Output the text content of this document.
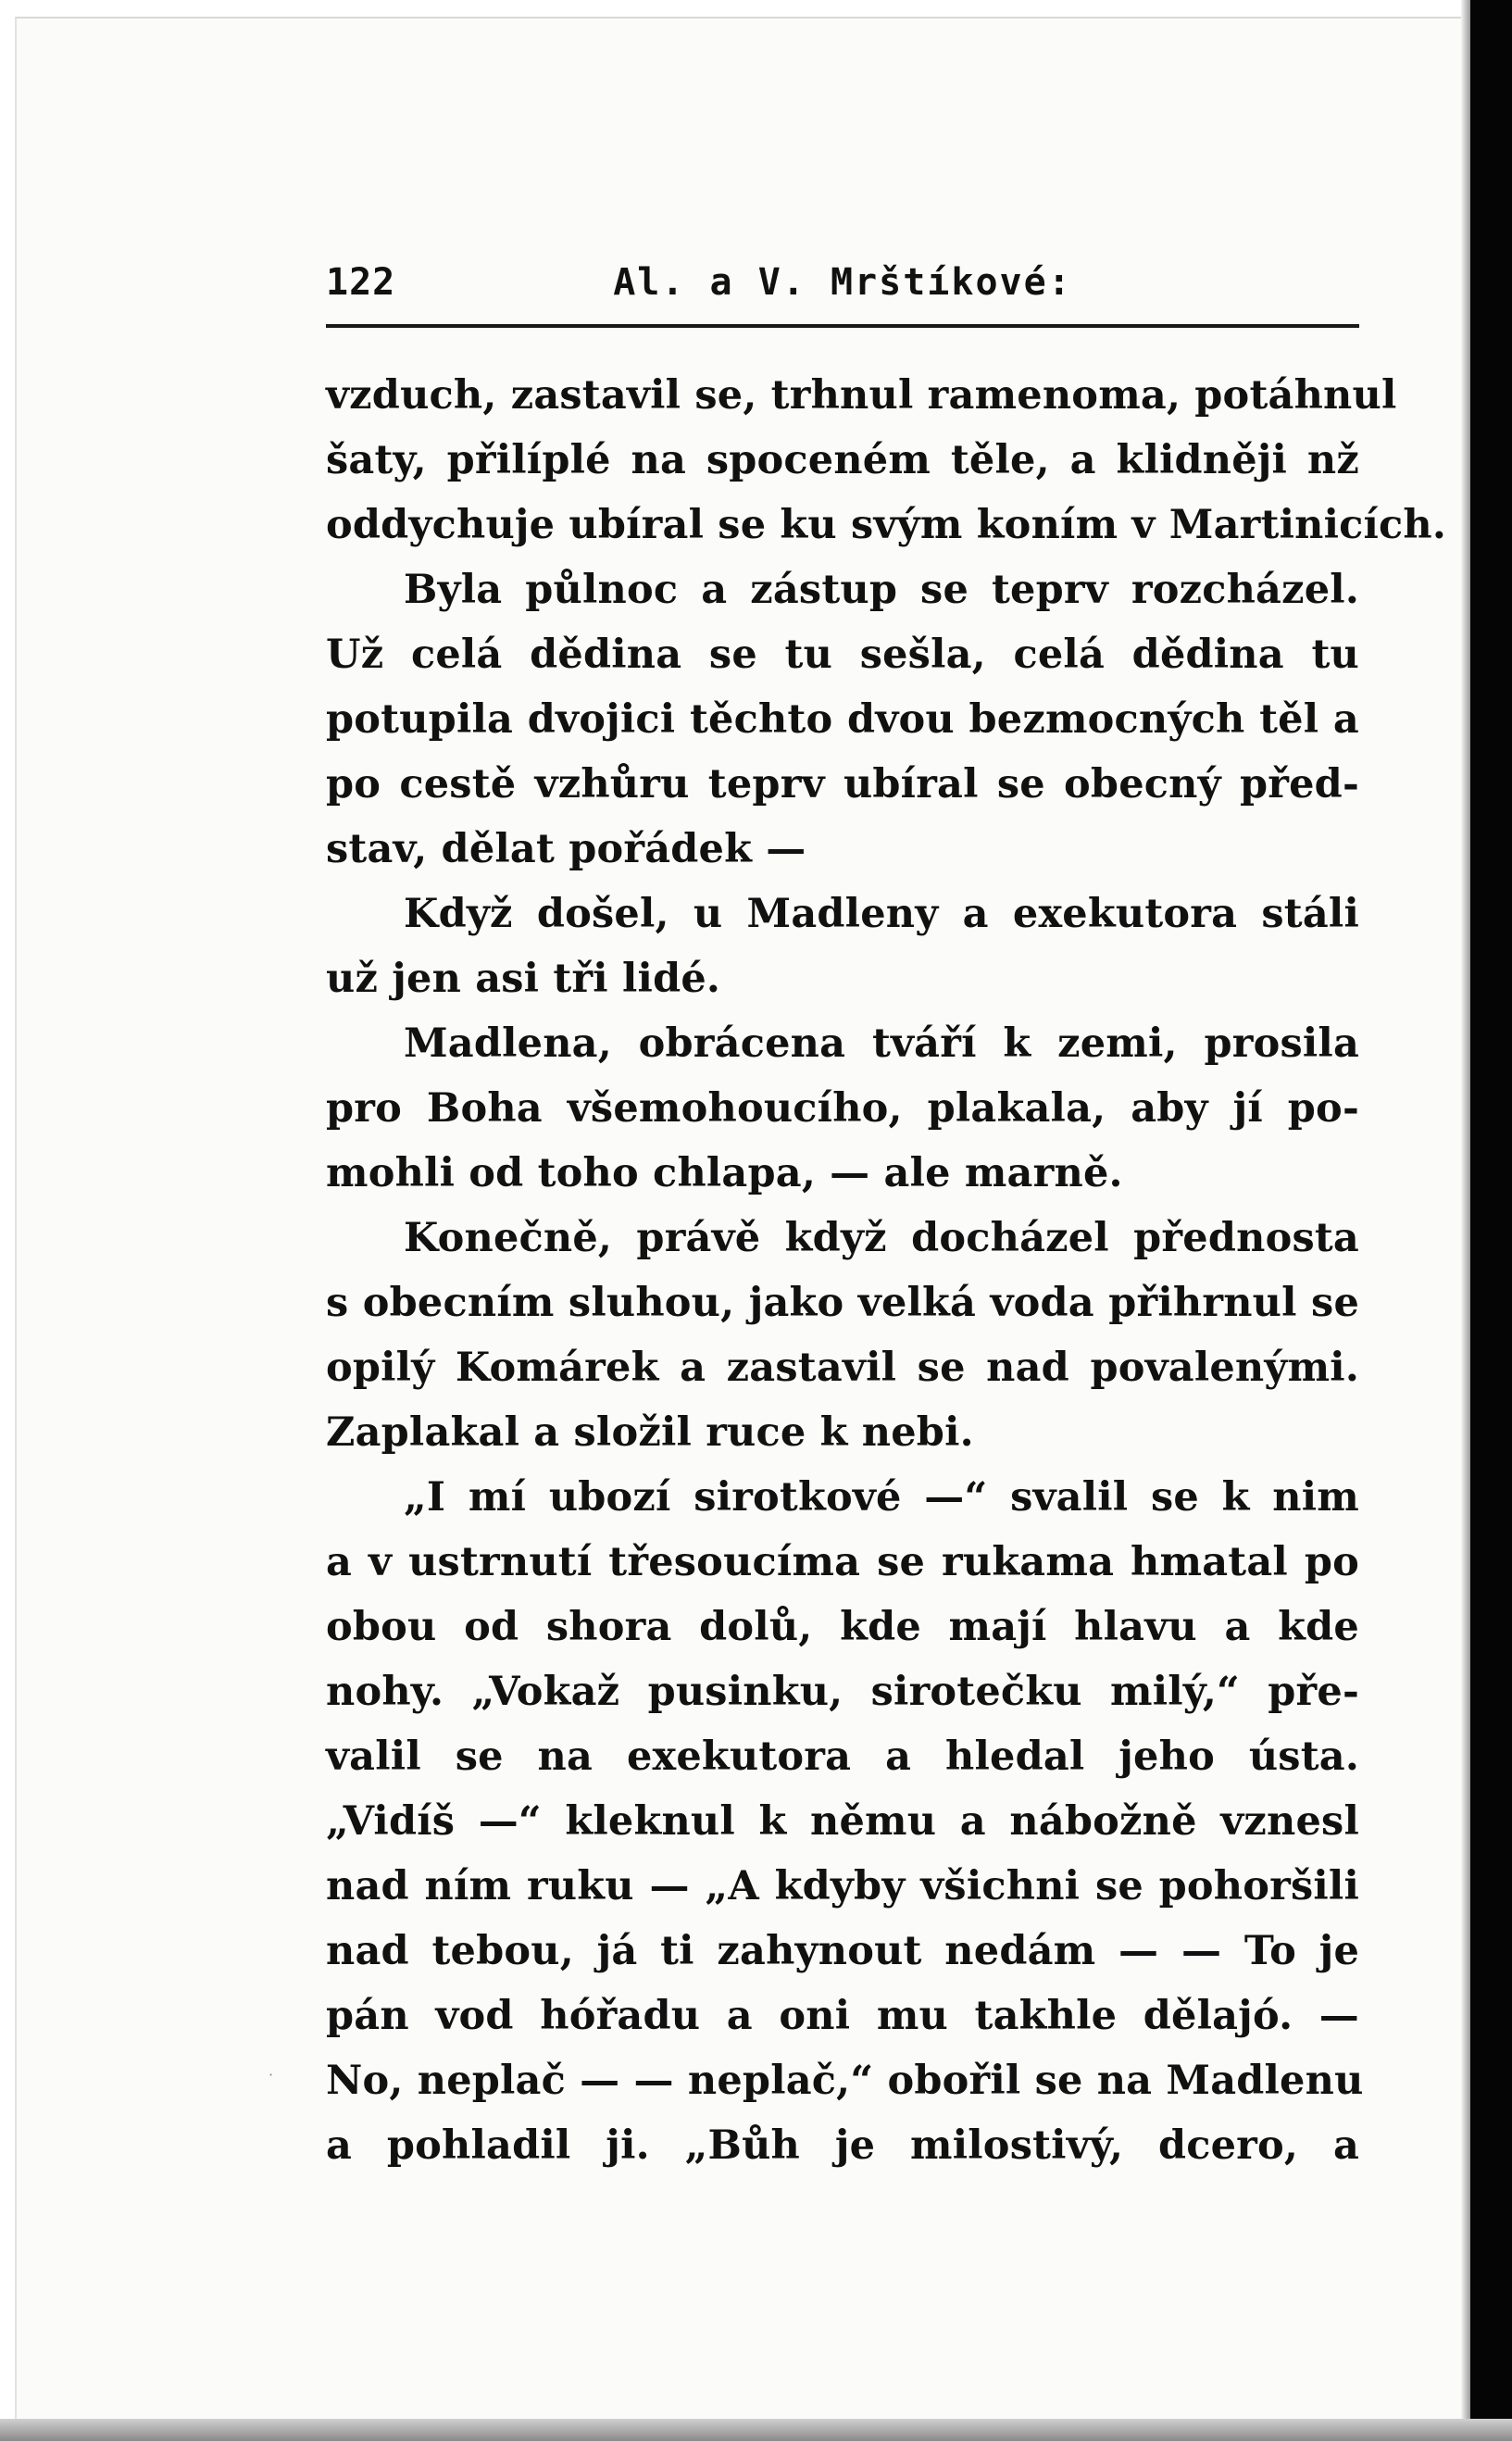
·
122	Al. a V. Mrštíkové:
vzduch, zastavil se, trhnul ramenoma, potáhnul
šaty, přilíplé na spoceném těle, a klidněji nž
oddychuje ubíral se ku svým koním v Martinicích.
Byla půlnoc a zástup se teprv rozcházel.
Už celá dědina se tu sešla, celá dědina tu
potupila dvojici těchto dvou bezmocných těl a
po cestě vzhůru teprv ubíral se obecný před-
stav, dělat pořádek —
Když došel, u Madleny a exekutora stáli
už jen asi tři lidé.
Madlena, obrácena tváří k zemi, prosila
pro Boha všemohoucího, plakala, aby jí po-
mohli od toho chlapa, — ale marně.
Konečně, právě když docházel přednosta
s obecním sluhou, jako velká voda přihrnul se
opilý Komárek a zastavil se nad povalenými.
Zaplakal a složil ruce k nebi.
„I mí ubozí sirotkové —“ svalil se k nim
a v ustrnutí třesoucíma se rukama hmatal po
obou od shora dolů, kde mají hlavu a kde
nohy. „Vokaž pusinku, sirotečku milý,“ pře-
valil se na exekutora a hledal jeho ústa.
„Vidíš —“ kleknul k němu a nábožně vznesl
nad ním ruku — „A kdyby všichni se pohoršili
nad tebou, já ti zahynout nedám — — To je
pán vod hóřadu a oni mu takhle dělajó. —
No, neplač — — neplač,“ obořil se na Madlenu
a pohladil ji. „Bůh je milostivý, dcero, a
